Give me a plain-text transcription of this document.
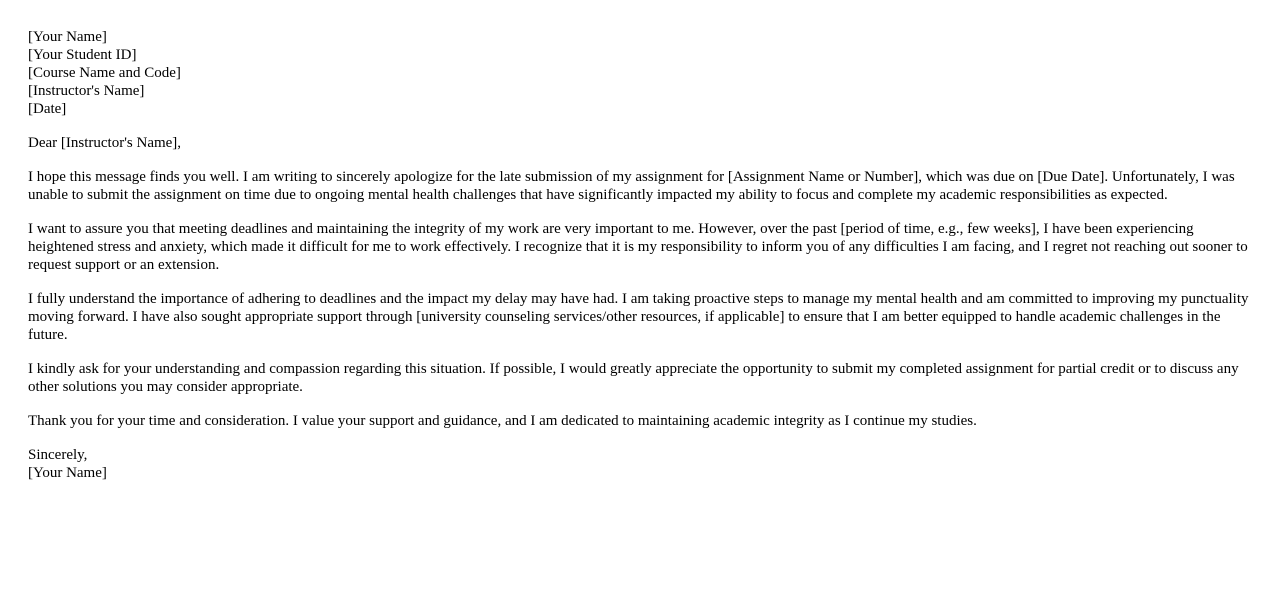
[Your Name]
[Your Student ID]
[Course Name and Code]
[Instructor's Name]
[Date]

Dear [Instructor's Name],

I hope this message finds you well. I am writing to sincerely apologize for the late submission of my assignment for [Assignment Name or Number], which was due on [Due Date]. Unfortunately, I was unable to submit the assignment on time due to ongoing mental health challenges that have significantly impacted my ability to focus and complete my academic responsibilities as expected.

I want to assure you that meeting deadlines and maintaining the integrity of my work are very important to me. However, over the past [period of time, e.g., few weeks], I have been experiencing heightened stress and anxiety, which made it difficult for me to work effectively. I recognize that it is my responsibility to inform you of any difficulties I am facing, and I regret not reaching out sooner to request support or an extension.

I fully understand the importance of adhering to deadlines and the impact my delay may have had. I am taking proactive steps to manage my mental health and am committed to improving my punctuality moving forward. I have also sought appropriate support through [university counseling services/other resources, if applicable] to ensure that I am better equipped to handle academic challenges in the future.

I kindly ask for your understanding and compassion regarding this situation. If possible, I would greatly appreciate the opportunity to submit my completed assignment for partial credit or to discuss any other solutions you may consider appropriate.

Thank you for your time and consideration. I value your support and guidance, and I am dedicated to maintaining academic integrity as I continue my studies.

Sincerely,
[Your Name]
